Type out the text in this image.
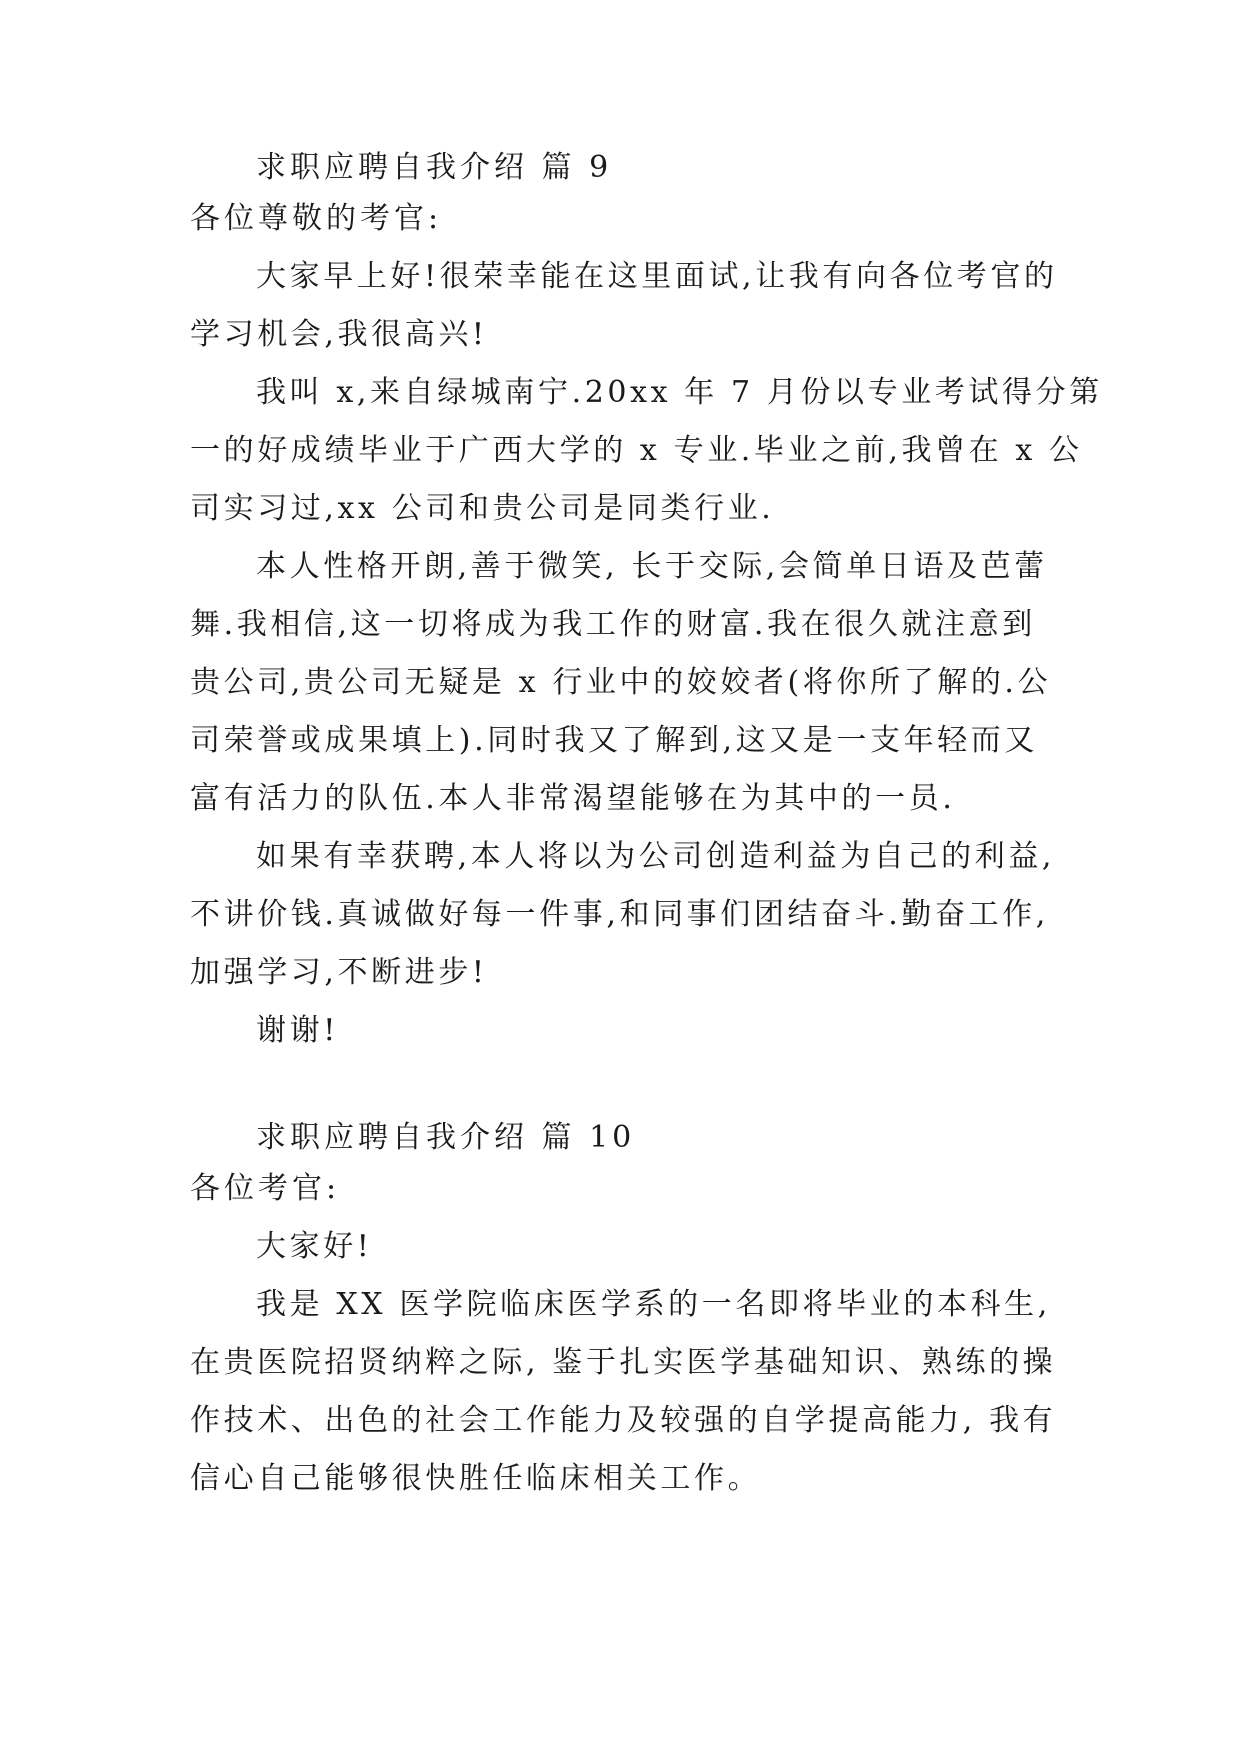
求职应聘自我介绍 篇 9
各位尊敬的考官:
大家早上好!很荣幸能在这里面试,让我有向各位考官的
学习机会,我很高兴!
我叫 x,来自绿城南宁.20xx 年 7 月份以专业考试得分第
一的好成绩毕业于广西大学的 x 专业.毕业之前,我曾在 x 公
司实习过,xx 公司和贵公司是同类行业.
本人性格开朗,善于微笑, 长于交际,会简单日语及芭蕾
舞.我相信,这一切将成为我工作的财富.我在很久就注意到
贵公司,贵公司无疑是 x 行业中的姣姣者(将你所了解的.公
司荣誉或成果填上).同时我又了解到,这又是一支年轻而又
富有活力的队伍.本人非常渴望能够在为其中的一员.
如果有幸获聘,本人将以为公司创造利益为自己的利益,
不讲价钱.真诚做好每一件事,和同事们团结奋斗.勤奋工作,
加强学习,不断进步!
谢谢!
求职应聘自我介绍 篇 10
各位考官:
大家好!
我是 XX 医学院临床医学系的一名即将毕业的本科生,
在贵医院招贤纳粹之际, 鉴于扎实医学基础知识、熟练的操
作技术、出色的社会工作能力及较强的自学提高能力, 我有
信心自己能够很快胜任临床相关工作。
